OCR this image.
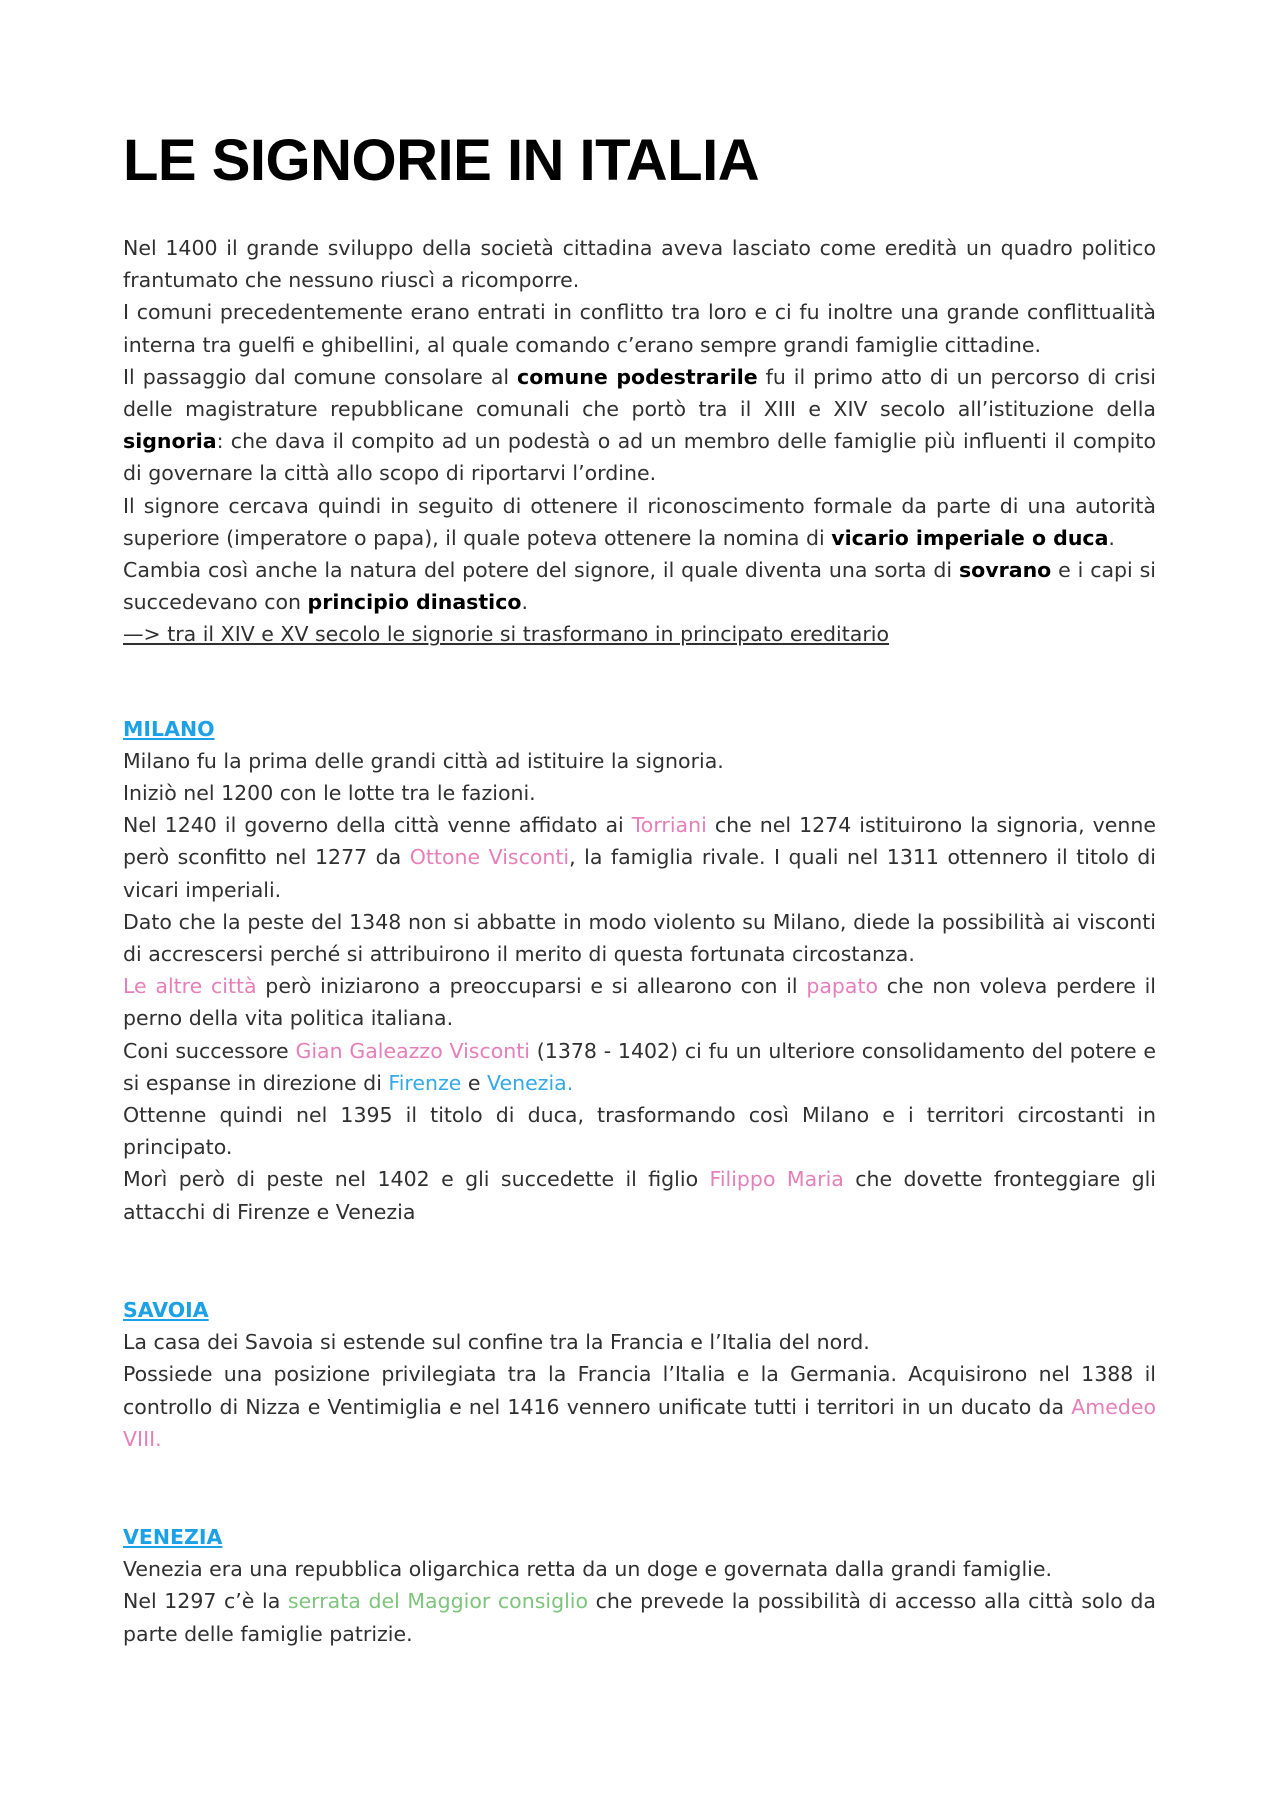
LE SIGNORIE IN ITALIA

Nel 1400 il grande sviluppo della società cittadina aveva lasciato come eredità un quadro politico frantumato che nessuno riuscì a ricomporre.

I comuni precedentemente erano entrati in conflitto tra loro e ci fu inoltre una grande conflittualità interna tra guelfi e ghibellini, al quale comando c’erano sempre grandi famiglie cittadine.

Il passaggio dal comune consolare al comune podestrarile fu il primo atto di un percorso di crisi delle magistrature repubblicane comunali che portò tra il XIII e XIV secolo all’istituzione della signoria: che dava il compito ad un podestà o ad un membro delle famiglie più influenti il compito di governare la città allo scopo di riportarvi l’ordine.

Il signore cercava quindi in seguito di ottenere il riconoscimento formale da parte di una autorità superiore (imperatore o papa), il quale poteva ottenere la nomina di vicario imperiale o duca.

Cambia così anche la natura del potere del signore, il quale diventa una sorta di sovrano e i capi si succedevano con principio dinastico.

—> tra il XIV e XV secolo le signorie si trasformano in principato ereditario

MILANO

Milano fu la prima delle grandi città ad istituire la signoria.

Iniziò nel 1200 con le lotte tra le fazioni.

Nel 1240 il governo della città venne affidato ai Torriani che nel 1274 istituirono la signoria, venne però sconfitto nel 1277 da Ottone Visconti, la famiglia rivale. I quali nel 1311 ottennero il titolo di vicari imperiali.

Dato che la peste del 1348 non si abbatte in modo violento su Milano, diede la possibilità ai visconti di accrescersi perché si attribuirono il merito di questa fortunata circostanza.

Le altre città però iniziarono a preoccuparsi e si allearono con il papato che non voleva perdere il perno della vita politica italiana.

Coni successore Gian Galeazzo Visconti (1378 - 1402) ci fu un ulteriore consolidamento del potere e si espanse in direzione di Firenze e Venezia.

Ottenne quindi nel 1395 il titolo di duca, trasformando così Milano e i territori circostanti in principato.

Morì però di peste nel 1402 e gli succedette il figlio Filippo Maria che dovette fronteggiare gli attacchi di Firenze e Venezia

SAVOIA

La casa dei Savoia si estende sul confine tra la Francia e l’Italia del nord.

Possiede una posizione privilegiata tra la Francia l’Italia e la Germania. Acquisirono nel 1388 il controllo di Nizza e Ventimiglia e nel 1416 vennero unificate tutti i territori in un ducato da Amedeo VIII.

VENEZIA

Venezia era una repubblica oligarchica retta da un doge e governata dalla grandi famiglie.

Nel 1297 c’è la serrata del Maggior consiglio che prevede la possibilità di accesso alla città solo da parte delle famiglie patrizie.
